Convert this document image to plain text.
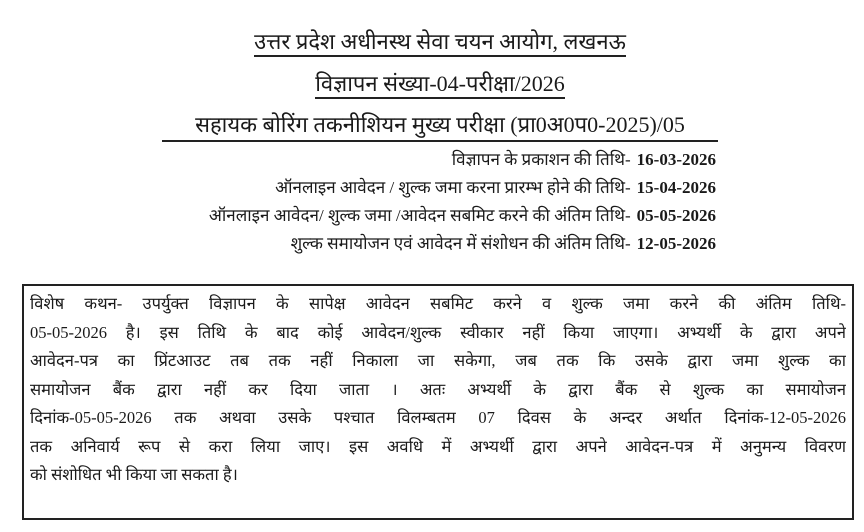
उत्तर प्रदेश अधीनस्थ सेवा चयन आयोग, लखनऊ
विज्ञापन संख्या-04-परीक्षा/2026
सहायक बोरिंग तकनीशियन मुख्य परीक्षा (प्रा0अ0प0-2025)/05
विज्ञापन के प्रकाशन की तिथि- 16-03-2026
ऑनलाइन आवेदन / शुल्क जमा करना प्रारम्भ होने की तिथि- 15-04-2026
ऑनलाइन आवेदन/ शुल्क जमा /आवेदन सबमिट करने की अंतिम तिथि- 05-05-2026
शुल्क समायोजन एवं आवेदन में संशोधन की अंतिम तिथि- 12-05-2026
विशेष कथन- उपर्युक्त विज्ञापन के सापेक्ष आवेदन सबमिट करने व शुल्क जमा करने की अंतिम तिथि-
05-05-2026 है। इस तिथि के बाद कोई आवेदन/शुल्क स्वीकार नहीं किया जाएगा। अभ्यर्थी के द्वारा अपने
आवेदन-पत्र का प्रिंटआउट तब तक नहीं निकाला जा सकेगा, जब तक कि उसके द्वारा जमा शुल्क का
समायोजन बैंक द्वारा नहीं कर दिया जाता । अतः अभ्यर्थी के द्वारा बैंक से शुल्क का समायोजन
दिनांक-05-05-2026 तक अथवा उसके पश्चात विलम्बतम 07 दिवस के अन्दर अर्थात दिनांक-12-05-2026
तक अनिवार्य रूप से करा लिया जाए। इस अवधि में अभ्यर्थी द्वारा अपने आवेदन-पत्र में अनुमन्य विवरण
को संशोधित भी किया जा सकता है।
